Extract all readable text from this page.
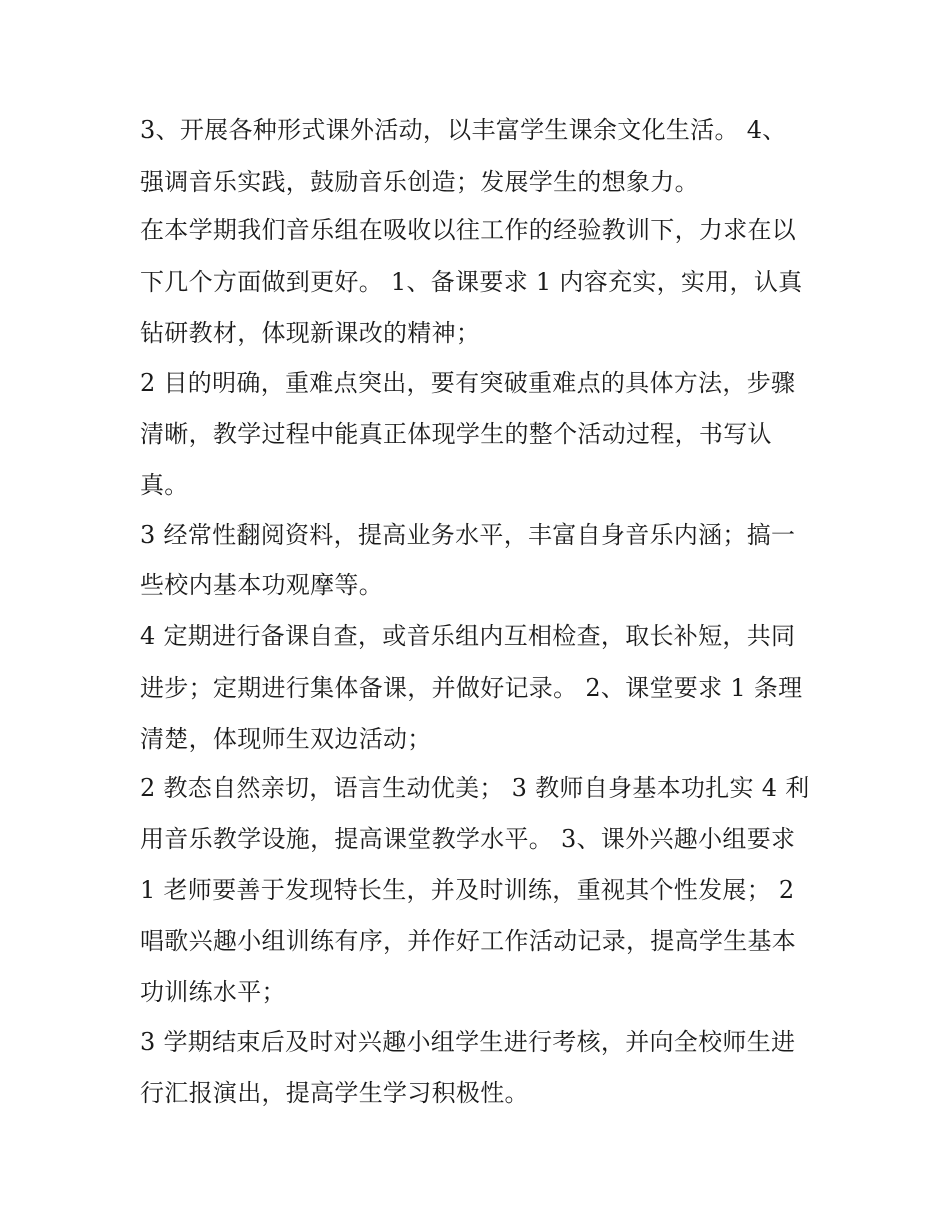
3、开展各种形式课外活动，以丰富学生课余文化生活。 4、
强调音乐实践，鼓励音乐创造；发展学生的想象力。
在本学期我们音乐组在吸收以往工作的经验教训下，力求在以
下几个方面做到更好。 1、备课要求 1 内容充实，实用，认真
钻研教材，体现新课改的精神；
2 目的明确，重难点突出，要有突破重难点的具体方法，步骤
清晰，教学过程中能真正体现学生的整个活动过程，书写认
真。
3 经常性翻阅资料，提高业务水平，丰富自身音乐内涵；搞一
些校内基本功观摩等。
4 定期进行备课自查，或音乐组内互相检查，取长补短，共同
进步；定期进行集体备课，并做好记录。 2、课堂要求 1 条理
清楚，体现师生双边活动；
2 教态自然亲切，语言生动优美； 3 教师自身基本功扎实 4 利
用音乐教学设施，提高课堂教学水平。 3、课外兴趣小组要求
1 老师要善于发现特长生，并及时训练，重视其个性发展； 2
唱歌兴趣小组训练有序，并作好工作活动记录，提高学生基本
功训练水平；
3 学期结束后及时对兴趣小组学生进行考核，并向全校师生进
行汇报演出，提高学生学习积极性。
